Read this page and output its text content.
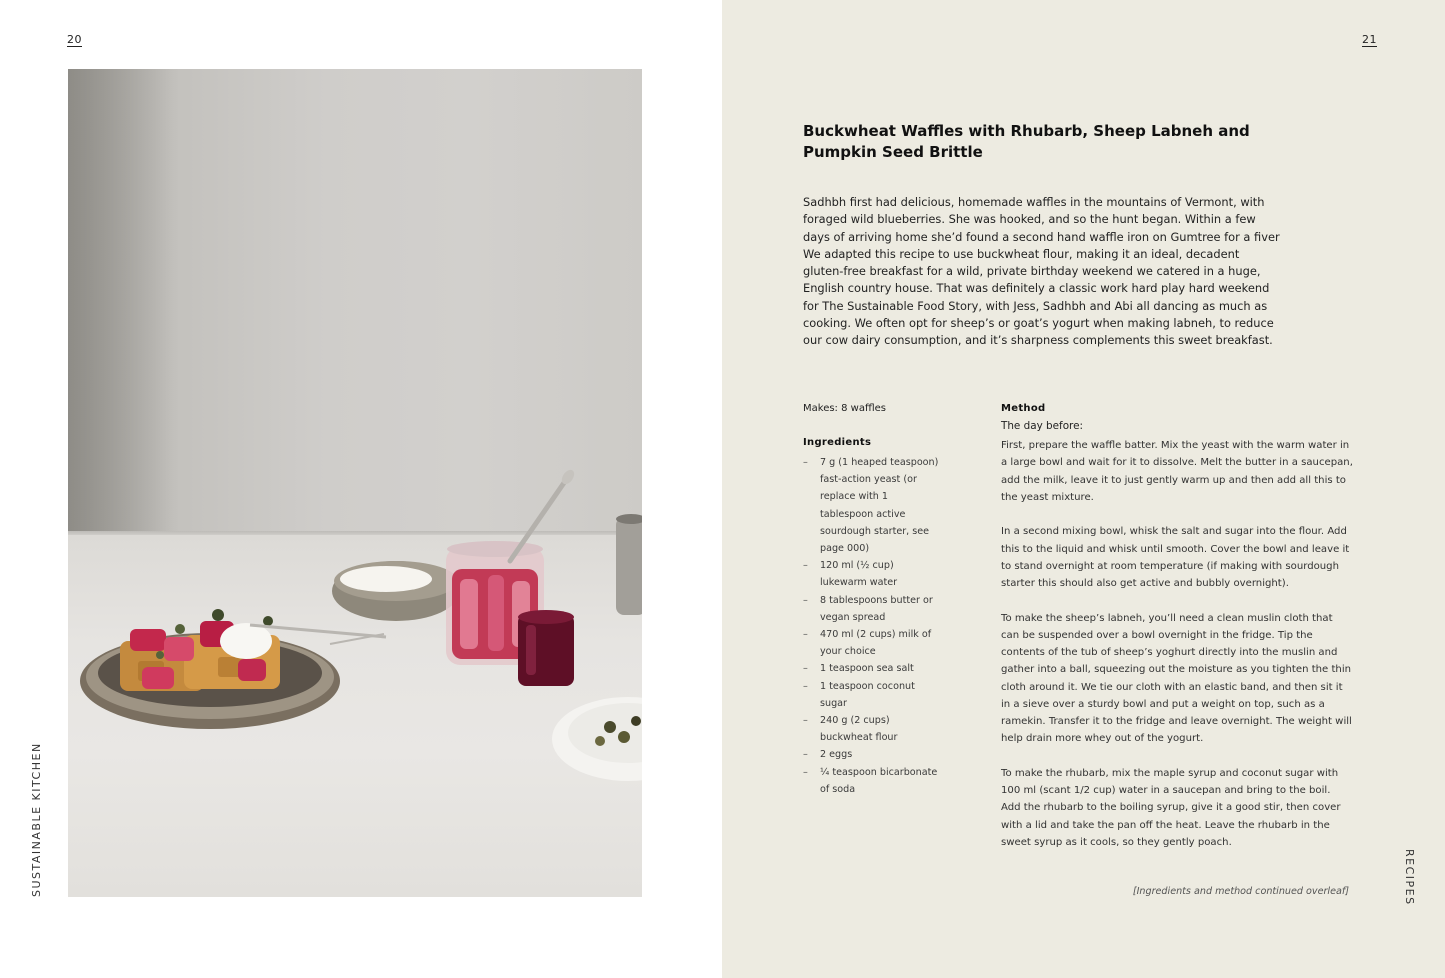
20
SUSTAINABLE KITCHEN
21
Buckwheat Waffles with Rhubarb, Sheep Labneh and Pumpkin Seed Brittle
Sadhbh first had delicious, homemade waffles in the mountains of Vermont, with foraged wild blueberries. She was hooked, and so the hunt began. Within a few days of arriving home she’d found a second hand waffle iron on Gumtree for a fiver We adapted this recipe to use buckwheat flour, making it an ideal, decadent gluten-free breakfast for a wild, private birthday weekend we catered in a huge, English country house. That was definitely a classic work hard play hard weekend for The Sustainable Food Story, with Jess, Sadhbh and Abi all dancing as much as cooking. We often opt for sheep’s or goat’s yogurt when making labneh, to reduce our cow dairy consumption, and it’s sharpness complements this sweet breakfast.
Makes: 8 waffles
Ingredients
– 7 g (1 heaped teaspoon) fast-action yeast (or replace with 1 tablespoon active sourdough starter, see page 000)
– 120 ml (½ cup) lukewarm water
– 8 tablespoons butter or vegan spread
– 470 ml (2 cups) milk of your choice
– 1 teaspoon sea salt
– 1 teaspoon coconut sugar
– 240 g (2 cups) buckwheat flour
– 2 eggs
– ¼ teaspoon bicarbonate of soda
Method
The day before:

First, prepare the waffle batter. Mix the yeast with the warm water in a large bowl and wait for it to dissolve. Melt the butter in a saucepan, add the milk, leave it to just gently warm up and then add all this to the yeast mixture.

In a second mixing bowl, whisk the salt and sugar into the flour. Add this to the liquid and whisk until smooth. Cover the bowl and leave it to stand overnight at room temperature (if making with sourdough starter this should also get active and bubbly overnight).

To make the sheep’s labneh, you’ll need a clean muslin cloth that can be suspended over a bowl overnight in the fridge. Tip the contents of the tub of sheep’s yoghurt directly into the muslin and gather into a ball, squeezing out the moisture as you tighten the thin cloth around it. We tie our cloth with an elastic band, and then sit it in a sieve over a sturdy bowl and put a weight on top, such as a ramekin. Transfer it to the fridge and leave overnight. The weight will help drain more whey out of the yogurt.

To make the rhubarb, mix the maple syrup and coconut sugar with 100 ml (scant 1/2 cup) water in a saucepan and bring to the boil. Add the rhubarb to the boiling syrup, give it a good stir, then cover with a lid and take the pan off the heat. Leave the rhubarb in the sweet syrup as it cools, so they gently poach.

[Ingredients and method continued overleaf]	RECIPES
